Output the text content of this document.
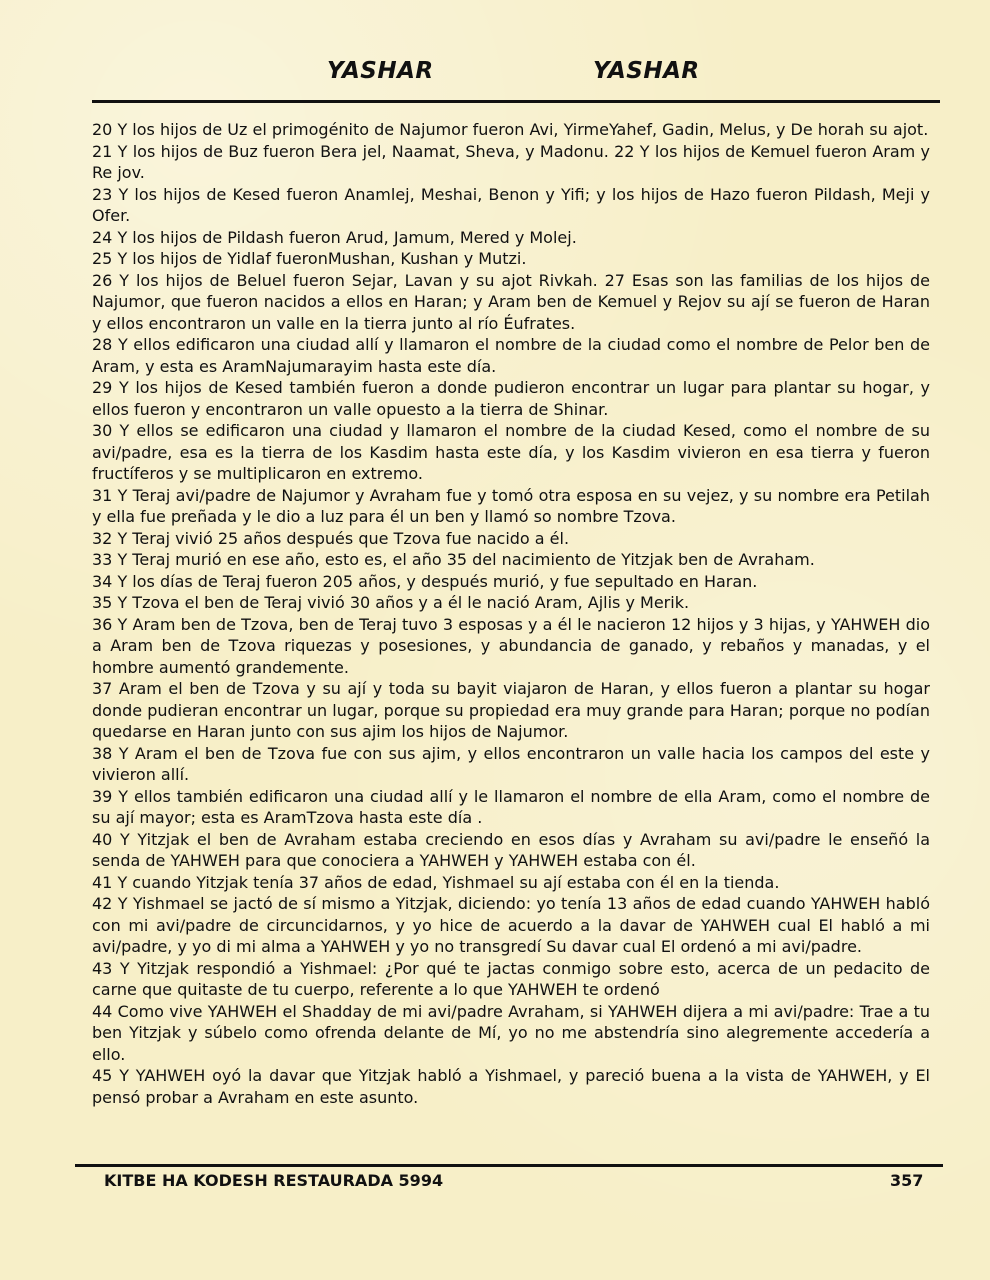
YASHAR	YASHAR

20 Y los hijos de Uz el primogénito de Najumor fueron Avi, YirmeYahef, Gadin, Melus, y De horah su ajot.

21 Y los hijos de Buz fueron Bera jel, Naamat, Sheva, y Madonu. 22 Y los hijos de Kemuel fueron Aram y Re jov.

23 Y los hijos de Kesed fueron Anamlej, Meshai, Benon y Yifi; y los hijos de Hazo fueron Pildash, Meji y Ofer.

24 Y los hijos de Pildash fueron Arud, Jamum, Mered y Molej.

25 Y los hijos de Yidlaf fueronMushan, Kushan y Mutzi.

26 Y los hijos de Beluel fueron Sejar, Lavan y su ajot Rivkah. 27 Esas son las familias de los hijos de Najumor, que fueron nacidos a ellos en Haran; y Aram ben de Kemuel y Rejov su ají se fueron de Haran y ellos encontraron un valle en la tierra junto al río Éufrates.

28 Y ellos edificaron una ciudad allí y llamaron el nombre de la ciudad como el nombre de Pelor ben de Aram, y esta es AramNajumarayim hasta este día.

29 Y los hijos de Kesed también fueron a donde pudieron encontrar un lugar para plantar su hogar, y ellos fueron y encontraron un valle opuesto a la tierra de Shinar.

30 Y ellos se edificaron una ciudad y llamaron el nombre de la ciudad Kesed, como el nombre de su avi/padre, esa es la tierra de los Kasdim hasta este día, y los Kasdim vivieron en esa tierra y fueron fructíferos y se multiplicaron en extremo.

31 Y Teraj avi/padre de Najumor y Avraham fue y tomó otra esposa en su vejez, y su nombre era Petilah y ella fue preñada y le dio a luz para él un ben y llamó so nombre Tzova.

32 Y Teraj vivió 25 años después que Tzova fue nacido a él.

33 Y Teraj murió en ese año, esto es, el año 35 del nacimiento de Yitzjak ben de Avraham.

34 Y los días de Teraj fueron 205 años, y después murió, y fue sepultado en Haran.

35 Y Tzova el ben de Teraj vivió 30 años y a él le nació Aram, Ajlis y Merik.

36 Y Aram ben de Tzova, ben de Teraj tuvo 3 esposas y a él le nacieron 12 hijos y 3 hijas, y YAHWEH dio a Aram ben de Tzova riquezas y posesiones, y abundancia de ganado, y rebaños y manadas, y el hombre aumentó grandemente.

37 Aram el ben de Tzova y su ají y toda su bayit viajaron de Haran, y ellos fueron a plantar su hogar donde pudieran encontrar un lugar, porque su propiedad era muy grande para Haran; porque no podían quedarse en Haran junto con sus ajim los hijos de Najumor.

38 Y Aram el ben de Tzova fue con sus ajim, y ellos encontraron un valle hacia los campos del este y vivieron allí.

39 Y ellos también edificaron una ciudad allí y le llamaron el nombre de ella Aram, como el nombre de su ají mayor; esta es AramTzova hasta este día .

40 Y Yitzjak el ben de Avraham estaba creciendo en esos días y Avraham su avi/padre le enseñó la senda de YAHWEH para que conociera a YAHWEH y YAHWEH estaba con él.

41 Y cuando Yitzjak tenía 37 años de edad, Yishmael su ají estaba con él en la tienda.

42 Y Yishmael se jactó de sí mismo a Yitzjak, diciendo: yo tenía 13 años de edad cuando YAHWEH habló con mi avi/padre de circuncidarnos, y yo hice de acuerdo a la davar de YAHWEH cual El habló a mi avi/padre, y yo di mi alma a YAHWEH y yo no transgredí Su davar cual El ordenó a mi avi/padre.

43 Y Yitzjak respondió a Yishmael: ¿Por qué te jactas conmigo sobre esto, acerca de un pedacito de carne que quitaste de tu cuerpo, referente a lo que YAHWEH te ordenó

44 Como vive YAHWEH el Shadday de mi avi/padre Avraham, si YAHWEH dijera a mi avi/padre: Trae a tu ben Yitzjak y súbelo como ofrenda delante de Mí, yo no me abstendría sino alegremente accedería a ello.

45 Y YAHWEH oyó la davar que Yitzjak habló a Yishmael, y pareció buena a la vista de YAHWEH, y El pensó probar a Avraham en este asunto.

KITBE HA KODESH RESTAURADA 5994	357
